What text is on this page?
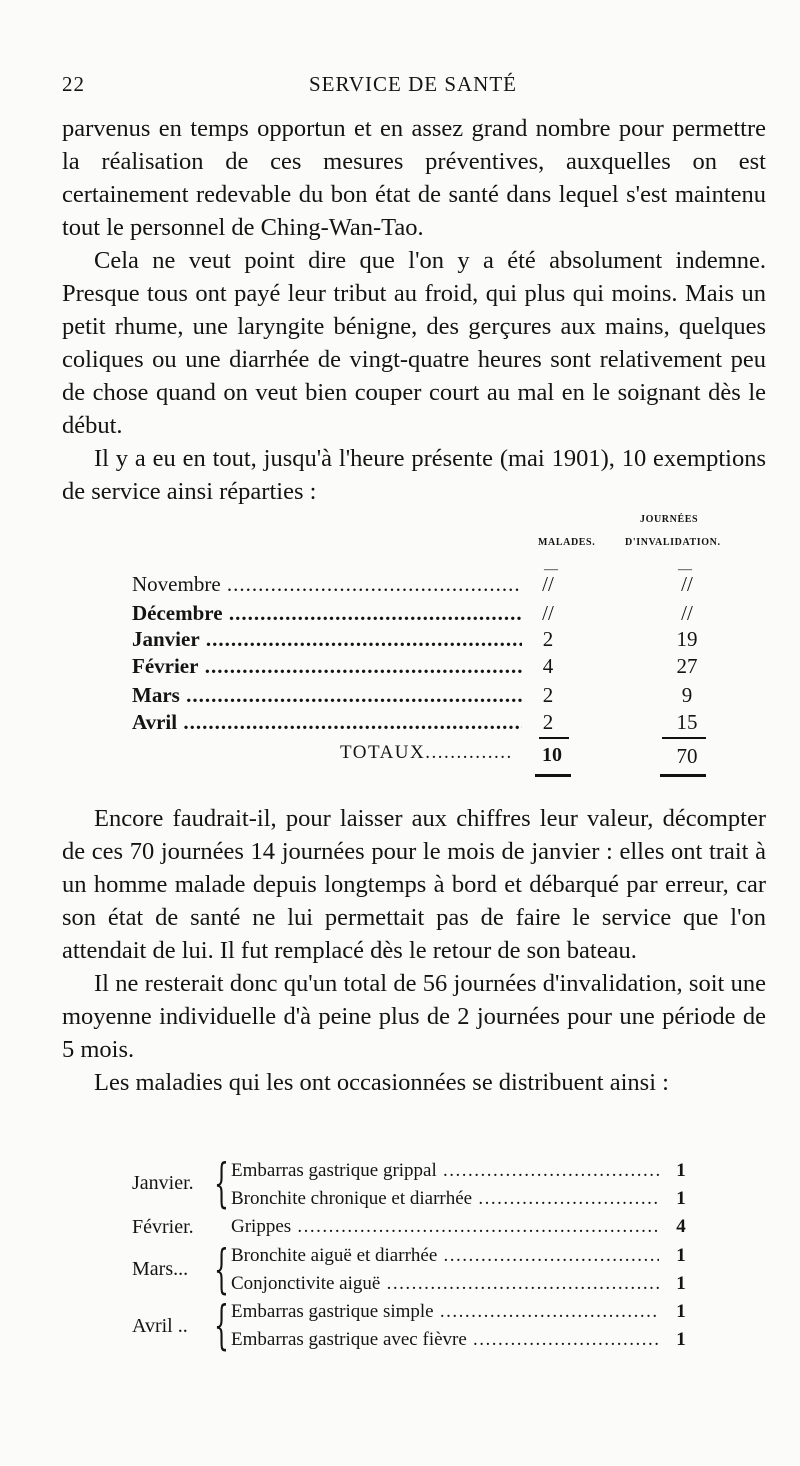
22	SERVICE DE SANTÉ

parvenus en temps opportun et en assez grand nombre pour permettre la réalisation de ces mesures préventives, auxquelles on est certainement redevable du bon état de santé dans lequel s'est maintenu tout le personnel de Ching-Wan-Tao.

Cela ne veut point dire que l'on y a été absolument indemne. Presque tous ont payé leur tribut au froid, qui plus qui moins. Mais un petit rhume, une laryngite bénigne, des gerçures aux mains, quelques coliques ou une diarrhée de vingt-quatre heures sont relativement peu de chose quand on veut bien couper court au mal en le soignant dès le début.

Il y a eu en tout, jusqu'à l'heure présente (mai 1901), 10 exemptions de service ainsi réparties :

JOURNÉES
MALADES.	D'INVALIDATION.
—	—
Novembre .....	//	//
Décembre .....	//	//
Janvier .....	2	19
Février .....	4	27
Mars .....	2	9
Avril .....	2	15
TOTAUX .....	10	70

Encore faudrait-il, pour laisser aux chiffres leur valeur, décompter de ces 70 journées 14 journées pour le mois de janvier : elles ont trait à un homme malade depuis longtemps à bord et débarqué par erreur, car son état de santé ne lui permettait pas de faire le service que l'on attendait de lui. Il fut remplacé dès le retour de son bateau.

Il ne resterait donc qu'un total de 56 journées d'invalidation, soit une moyenne individuelle d'à peine plus de 2 journées pour une période de 5 mois.

Les maladies qui les ont occasionnées se distribuent ainsi :

Janvier. { Embarras gastrique grippal .....	1
Bronchite chronique et diarrhée .....	1
Février. Grippes .....	4
Mars... { Bronchite aiguë et diarrhée .....	1
Conjonctivite aiguë .....	1
Avril .. { Embarras gastrique simple .....	1
Embarras gastrique avec fièvre .....	1
